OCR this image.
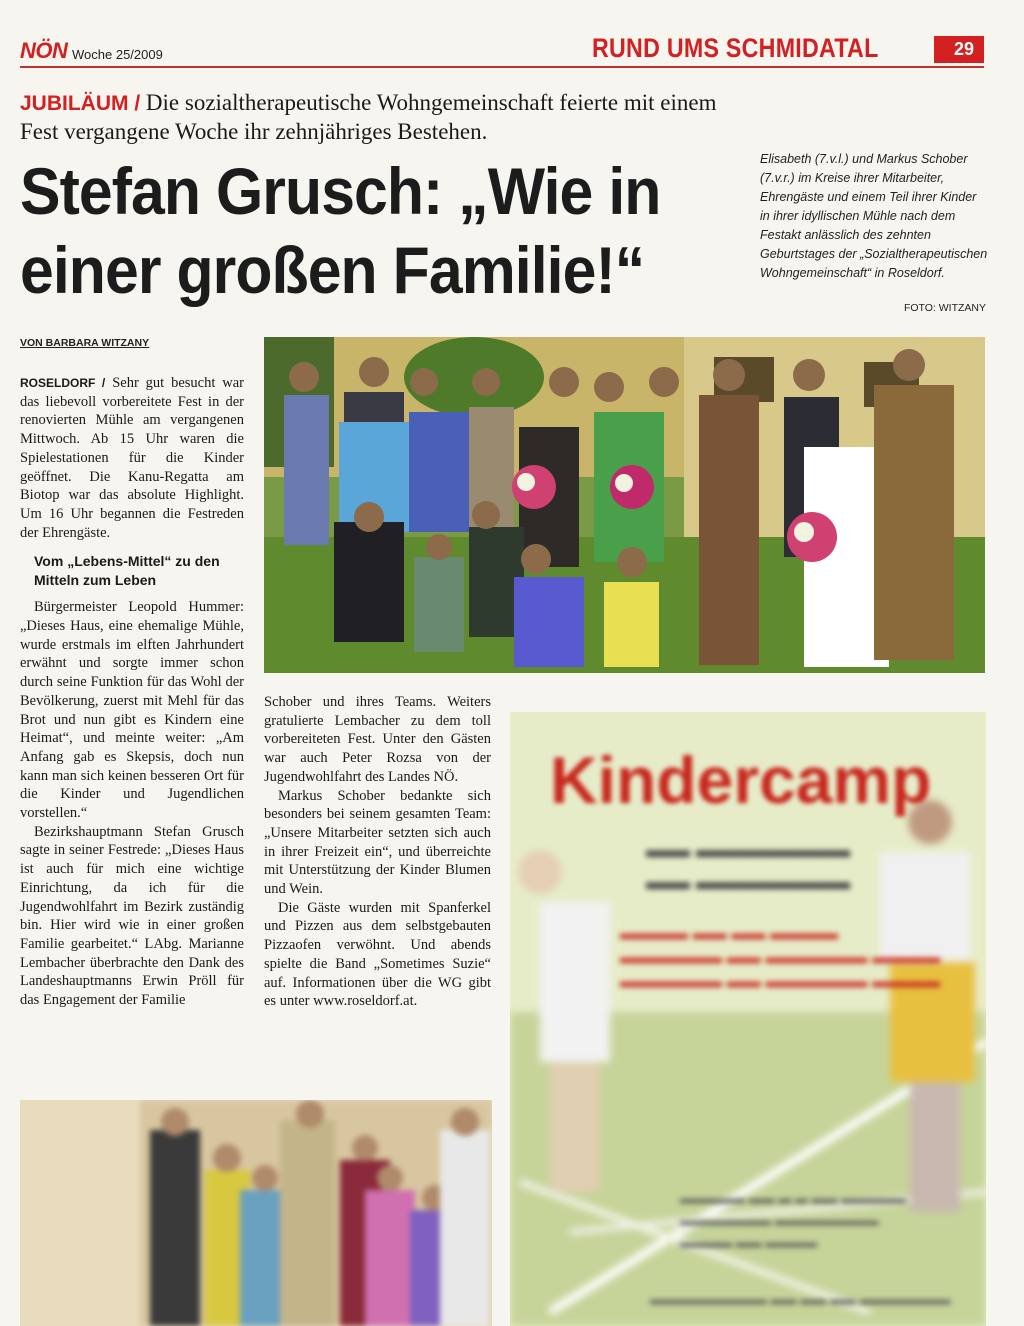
NÖN Woche 25/2009	RUND UMS SCHMIDATAL	29
JUBILÄUM / Die sozialtherapeutische Wohngemeinschaft feierte mit einem Fest vergangene Woche ihr zehnjähriges Bestehen.
Stefan Grusch: „Wie in einer großen Familie!“
Elisabeth (7.v.l.) und Markus Schober (7.v.r.) im Kreise ihrer Mitarbeiter, Ehrengäste und einem Teil ihrer Kinder in ihrer idyllischen Mühle nach dem Festakt anlässlich des zehnten Geburtstages der „Sozialtherapeutischen Wohngemeinschaft“ in Roseldorf.
FOTO: WITZANY
VON BARBARA WITZANY

ROSELDORF / Sehr gut besucht war das liebevoll vorbereitete Fest in der renovierten Mühle am vergangenen Mittwoch. Ab 15 Uhr waren die Spielestationen für die Kinder geöffnet. Die Kanu-Regatta am Biotop war das absolute Highlight. Um 16 Uhr begannen die Festreden der Ehrengäste.

Vom „Lebens-Mittel“ zu den Mitteln zum Leben

Bürgermeister Leopold Hummer: „Dieses Haus, eine ehemalige Mühle, wurde erstmals im elften Jahrhundert erwähnt und sorgte immer schon durch seine Funktion für das Wohl der Bevölkerung, zuerst mit Mehl für das Brot und nun gibt es Kindern eine Heimat“, und meinte weiter: „Am Anfang gab es Skepsis, doch nun kann man sich keinen besseren Ort für die Kinder und Jugendlichen vorstellen.“

Bezirkshauptmann Stefan Grusch sagte in seiner Festrede: „Dieses Haus ist auch für mich eine wichtige Einrichtung, da ich für die Jugendwohlfahrt im Bezirk zuständig bin. Hier wird wie in einer großen Familie gearbeitet.“ LAbg. Marianne Lembacher überbrachte den Dank des Landeshauptmanns Erwin Pröll für das Engagement der Familie

Schober und ihres Teams. Weiters gratulierte Lembacher zu dem toll vorbereiteten Fest. Unter den Gästen war auch Peter Rozsa von der Jugendwohlfahrt des Landes NÖ.

Markus Schober bedankte sich besonders bei seinem gesamten Team: „Unsere Mitarbeiter setzten sich auch in ihrer Freizeit ein“, und überreichte mit Unterstützung der Kinder Blumen und Wein.

Die Gäste wurden mit Spanferkel und Pizzen aus dem selbstgebauten Pizzaofen verwöhnt. Und abends spielte die Band „Sometimes Suzie“ auf. Informationen über die WG gibt es unter www.roseldorf.at.

Kindercamp
▬▬ ▬▬▬▬▬▬▬
▬▬ ▬▬▬▬▬▬▬
▬▬▬▬ ▬▬ ▬▬ ▬▬▬▬
▬▬▬▬▬▬ ▬▬ ▬▬▬▬▬▬ ▬▬▬▬
▬▬▬▬▬▬ ▬▬ ▬▬▬▬▬▬ ▬▬▬▬
▬▬▬▬▬ ▬▬ ▬ ▬ ▬▬ ▬▬▬▬▬
▬▬▬▬▬▬▬ ▬▬▬▬▬▬▬▬
▬▬▬▬ ▬▬ ▬▬▬▬
▬▬▬▬▬▬▬▬▬ ▬▬ ▬▬ ▬▬ ▬▬▬▬▬▬▬
